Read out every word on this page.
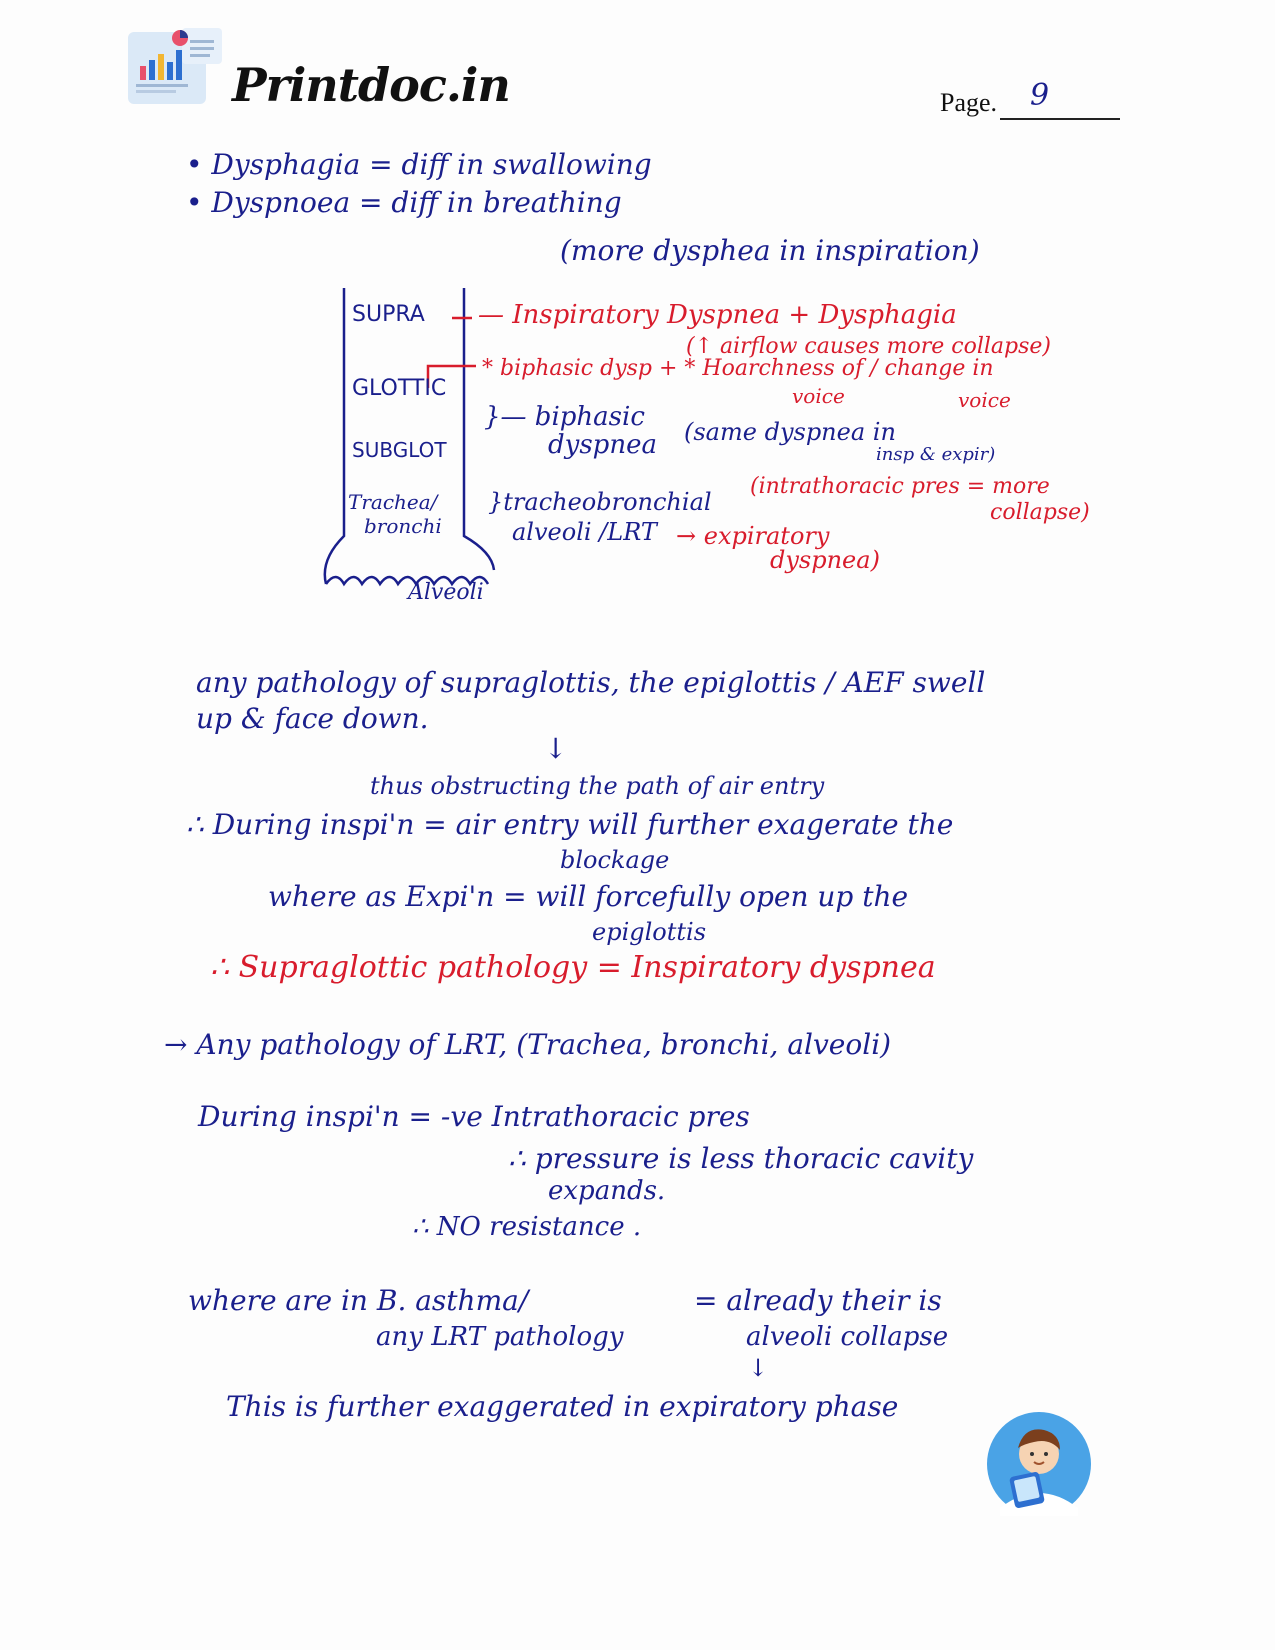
Printdoc.in	Page.	9
• Dysphagia = diff in swallowing
• Dyspnoea = diff in breathing
(more dysphea in inspiration)
SUPRA
GLOTTIC
SUBGLOT
Trachea/
bronchi
Alveoli
— Inspiratory Dyspnea + Dysphagia
(↑ airflow causes more collapse)
* biphasic dysp + * Hoarchness of / change in
voice	voice
}— biphasic
dyspnea (same dyspnea in
insp & expir)
}tracheobronchial
alveoli /LRT
(intrathoracic pres = more
collapse)
→ expiratory
dyspnea)
any pathology of supraglottis, the epiglottis / AEF swell
up & face down.
↓
thus obstructing the path of air entry
∴ During inspi'n = air entry will further exagerate the
blockage
where as Expi'n = will forcefully open up the
epiglottis
∴ Supraglottic pathology = Inspiratory dyspnea
→ Any pathology of LRT, (Trachea, bronchi, alveoli)
During inspi'n = -ve Intrathoracic pres
∴ pressure is less thoracic cavity
expands.
∴ NO resistance .
where are in B. asthma/
any LRT pathology
= already their is
alveoli collapse
↓
This is further exaggerated in expiratory phase
